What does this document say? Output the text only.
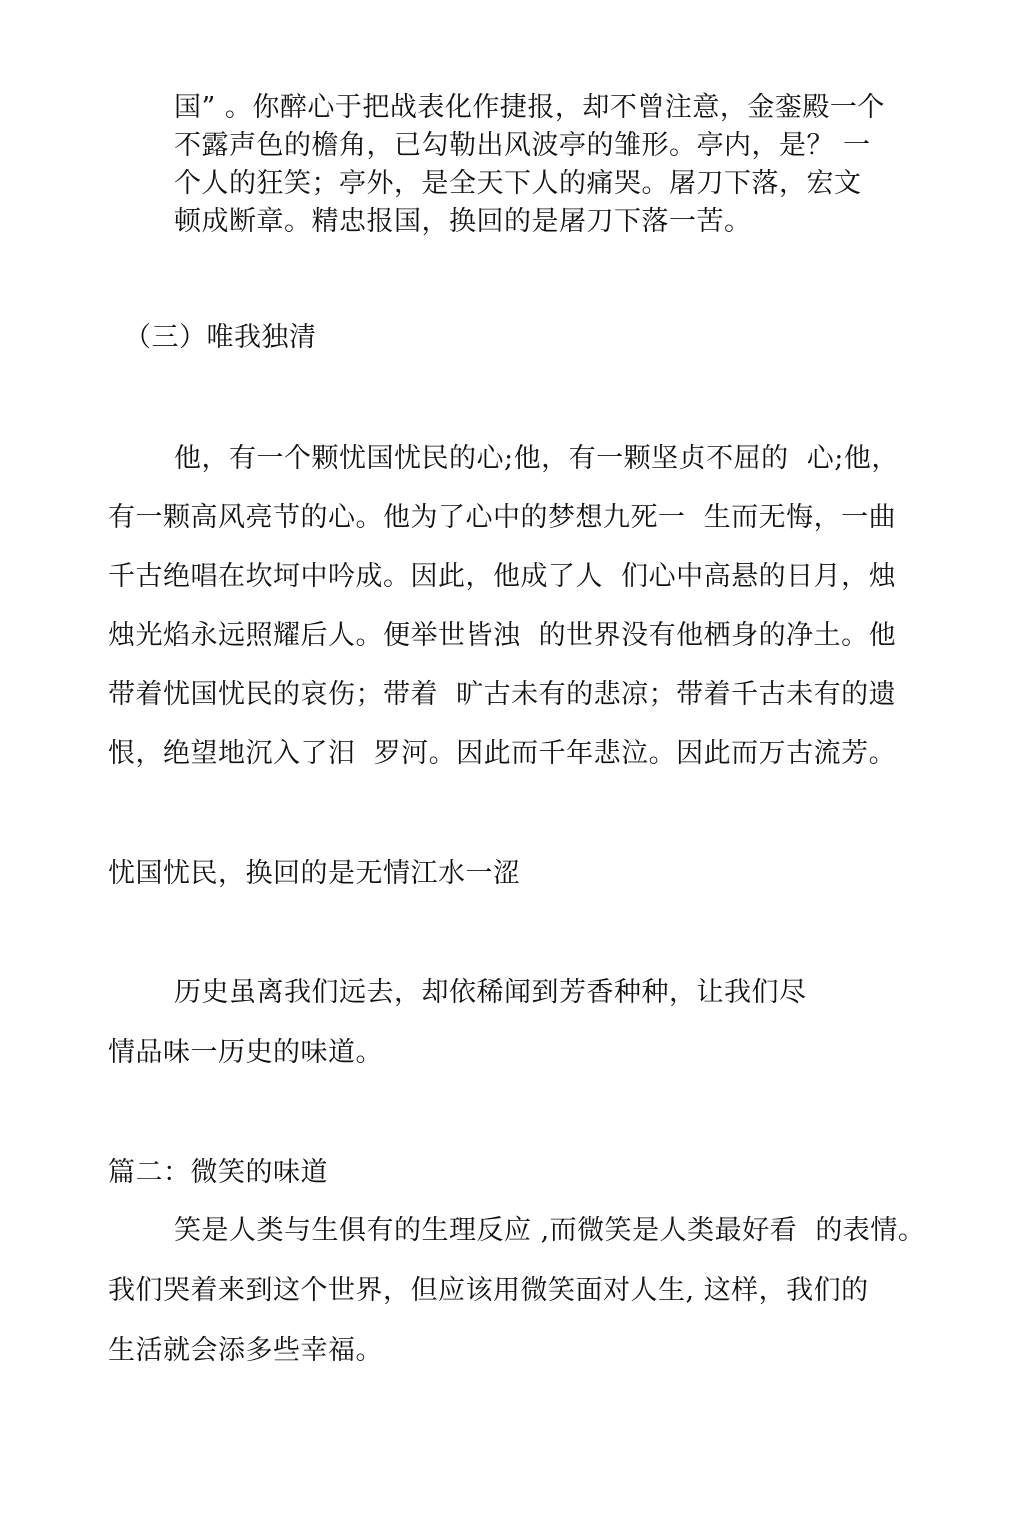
国” 。你醉心于把战表化作捷报，却不曾注意，金銮殿一个
不露声色的檐角，已勾勒出风波亭的雏形。亭内，是？ 一
个人的狂笑；亭外，是全天下人的痛哭。屠刀下落，宏文
顿成断章。精忠报国，换回的是屠刀下落一苦。
（三）唯我独清
他，有一个颗忧国忧民的心;他，有一颗坚贞不屈的  心;他，
有一颗高风亮节的心。他为了心中的梦想九死一  生而无悔，一曲
千古绝唱在坎坷中吟成。因此，他成了人  们心中高悬的日月，烛
烛光焰永远照耀后人。便举世皆浊  的世界没有他栖身的净土。他
带着忧国忧民的哀伤；带着  旷古未有的悲凉；带着千古未有的遗
恨，绝望地沉入了汨  罗河。因此而千年悲泣。因此而万古流芳。
忧国忧民，换回的是无情江水一涩
历史虽离我们远去，却依稀闻到芳香种种，让我们尽
情品味一历史的味道。
篇二：微笑的味道
笑是人类与生俱有的生理反应 ,而微笑是人类最好看  的表情。
我们哭着来到这个世界，但应该用微笑面对人生, 这样，我们的
生活就会添多些幸福。
